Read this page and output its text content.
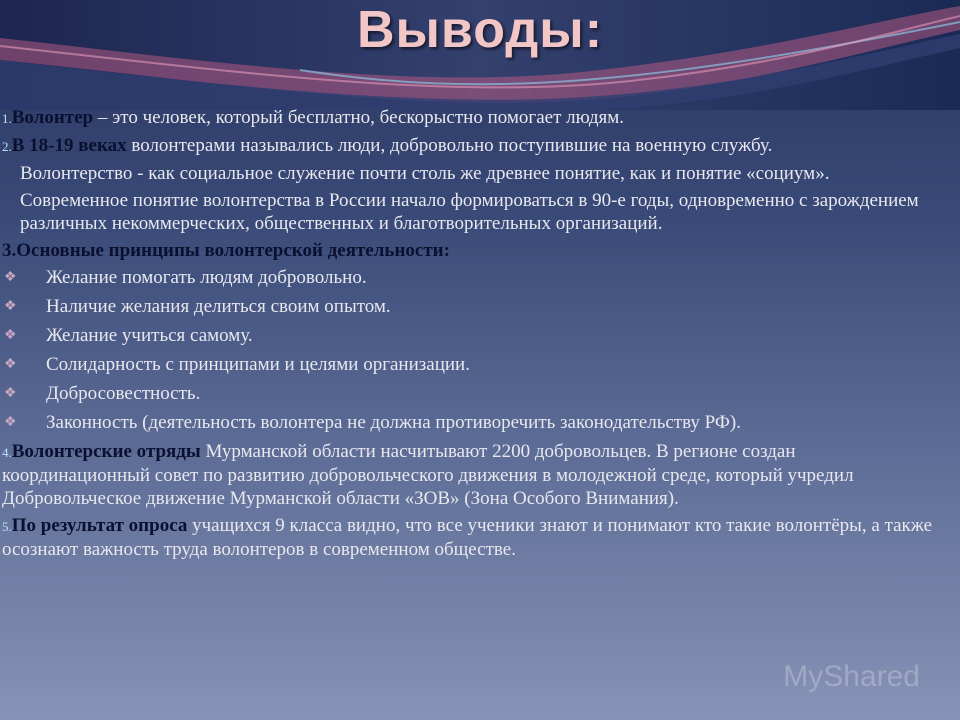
Выводы:

1.Волонтер – это человек, который бесплатно, бескорыстно помогает людям.

2.В 18-19 веках волонтерами назывались люди, добровольно поступившие на военную службу.

Волонтерство - как социальное служение почти столь же древнее понятие, как и понятие «социум».

Современное понятие волонтерства в России начало формироваться в 90-е годы, одновременно с зарождением различных некоммерческих, общественных и благотворительных организаций.

3.Основные принципы волонтерской деятельности:

❖ Желание помогать людям добровольно.
❖ Наличие желания делиться своим опытом.
❖ Желание учиться самому.
❖ Солидарность с принципами и целями организации.
❖ Добросовестность.
❖ Законность (деятельность волонтера не должна противоречить законодательству РФ).

4.Волонтерские отряды Мурманской области насчитывают 2200 добровольцев. В регионе создан координационный совет по развитию добровольческого движения в молодежной среде, который учредил Добровольческое движение Мурманской области «ЗОВ» (Зона Особого Внимания).

5.По результат опроса учащихся 9 класса видно, что все ученики знают и понимают кто такие волонтёры, а также осознают важность труда волонтеров в современном обществе.

MyShared
